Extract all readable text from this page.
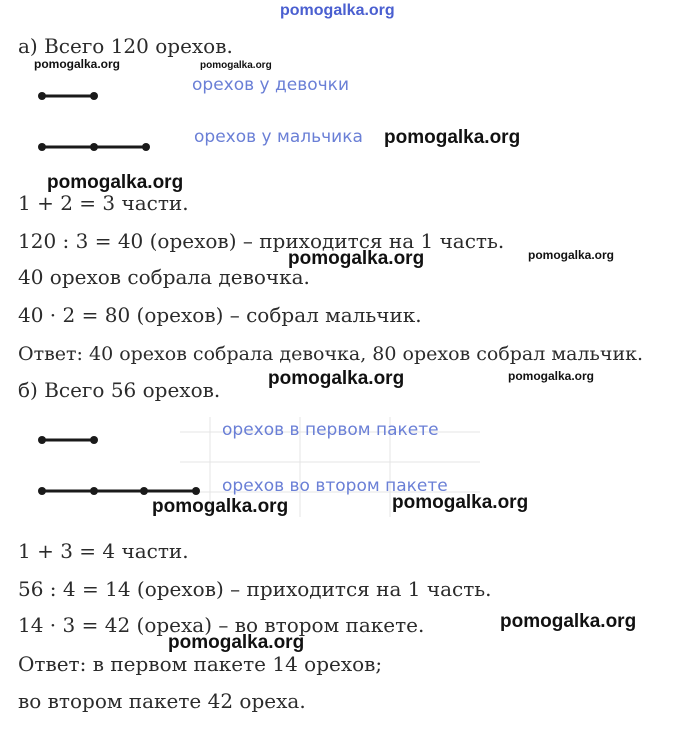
pomogalka.org
а) Всего 120 орехов.
орехов у девочки
орехов у мальчика
1 + 2 = 3 части.
120 : 3 = 40 (орехов) – приходится на 1 часть.
40 орехов собрала девочка.
40 · 2 = 80 (орехов) – собрал мальчик.
Ответ: 40 орехов собрала девочка, 80 орехов собрал мальчик.
б) Всего 56 орехов.
орехов в первом пакете
орехов во втором пакете
1 + 3 = 4 части.
56 : 4 = 14 (орехов) – приходится на 1 часть.
14 · 3 = 42 (ореха) – во втором пакете.
Ответ: в первом пакете 14 орехов;
во втором пакете 42 ореха.
pomogalka.org	pomogalka.org
pomogalka.org
pomogalka.org
pomogalka.org	pomogalka.org
pomogalka.org	pomogalka.org
pomogalka.org	pomogalka.org
pomogalka.org
pomogalka.org
